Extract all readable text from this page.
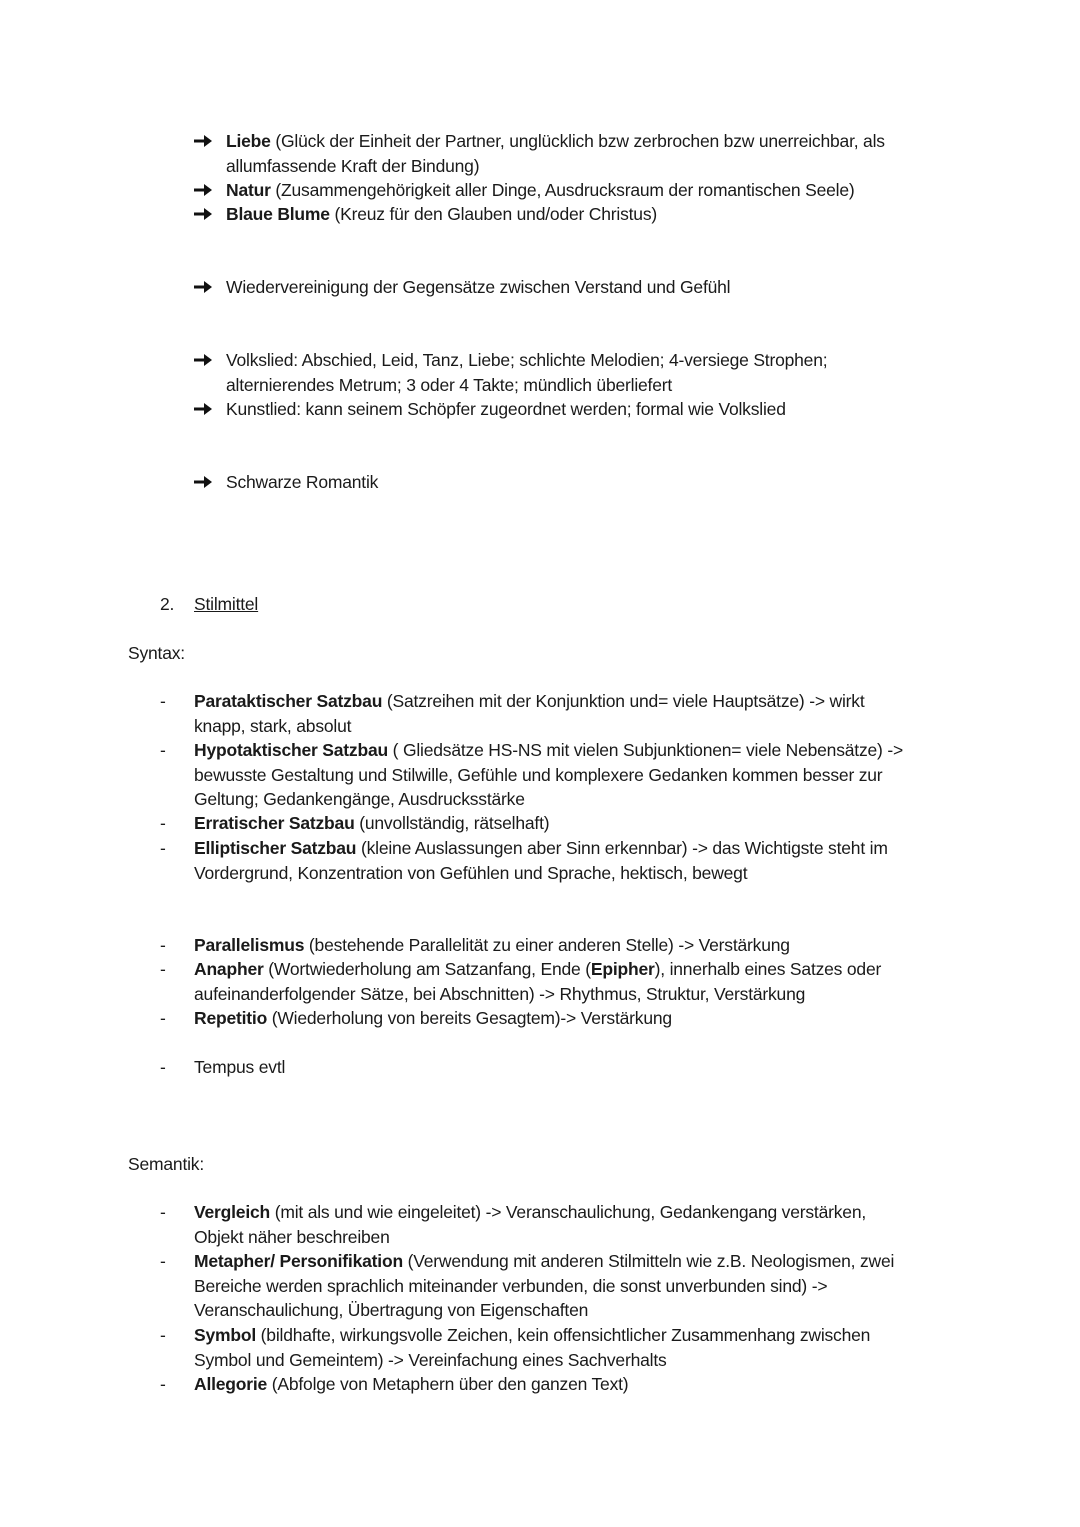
Liebe (Glück der Einheit der Partner, unglücklich bzw zerbrochen bzw unerreichbar, als
allumfassende Kraft der Bindung)
Natur (Zusammengehörigkeit aller Dinge, Ausdrucksraum der romantischen Seele)
Blaue Blume (Kreuz für den Glauben und/oder Christus)
Wiedervereinigung der Gegensätze zwischen Verstand und Gefühl
Volkslied: Abschied, Leid, Tanz, Liebe; schlichte Melodien; 4-versiege Strophen;
alternierendes Metrum; 3 oder 4 Takte; mündlich überliefert
Kunstlied: kann seinem Schöpfer zugeordnet werden; formal wie Volkslied
Schwarze Romantik
2. Stilmittel
Syntax:
- Parataktischer Satzbau (Satzreihen mit der Konjunktion und= viele Hauptsätze) -> wirkt
knapp, stark, absolut
- Hypotaktischer Satzbau ( Gliedsätze HS-NS mit vielen Subjunktionen= viele Nebensätze) ->
bewusste Gestaltung und Stilwille, Gefühle und komplexere Gedanken kommen besser zur
Geltung; Gedankengänge, Ausdrucksstärke
- Erratischer Satzbau (unvollständig, rätselhaft)
- Elliptischer Satzbau (kleine Auslassungen aber Sinn erkennbar) -> das Wichtigste steht im
Vordergrund, Konzentration von Gefühlen und Sprache, hektisch, bewegt
- Parallelismus (bestehende Parallelität zu einer anderen Stelle) -> Verstärkung
- Anapher (Wortwiederholung am Satzanfang, Ende (Epipher), innerhalb eines Satzes oder
aufeinanderfolgender Sätze, bei Abschnitten) -> Rhythmus, Struktur, Verstärkung
- Repetitio (Wiederholung von bereits Gesagtem)-> Verstärkung
- Tempus evtl
Semantik:
- Vergleich (mit als und wie eingeleitet) -> Veranschaulichung, Gedankengang verstärken,
Objekt näher beschreiben
- Metapher/ Personifikation (Verwendung mit anderen Stilmitteln wie z.B. Neologismen, zwei
Bereiche werden sprachlich miteinander verbunden, die sonst unverbunden sind) ->
Veranschaulichung, Übertragung von Eigenschaften
- Symbol (bildhafte, wirkungsvolle Zeichen, kein offensichtlicher Zusammenhang zwischen
Symbol und Gemeintem) -> Vereinfachung eines Sachverhalts
- Allegorie (Abfolge von Metaphern über den ganzen Text)
